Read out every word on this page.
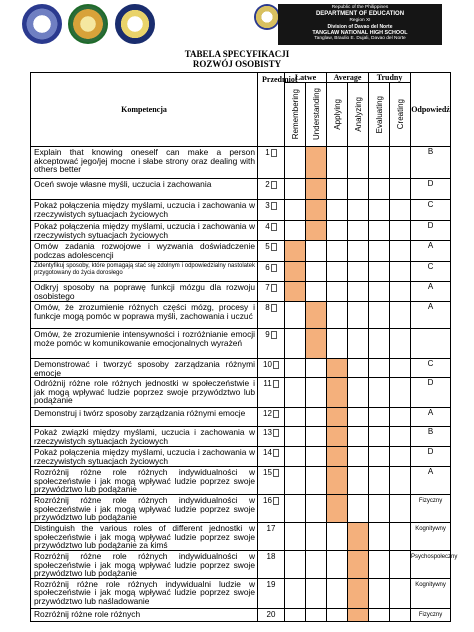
Republic of the Philippines
DEPARTMENT OF EDUCATION
Region XI
Division of Davao del Norte
TANGLAW NATIONAL HIGH SCHOOL
Tanglaw, Braulio E. Dujali, Davao del Norte
TABELA SPECYFIKACJI
ROZWÓJ OSOBISTY
Kompetencja	Przedmiot	Łatwe		Average		Trudny		Odpowiedź

		Remembering	Understanding	Applying	Analyzing	Evaluating	Creating	

Explain that knowing oneself can make a person akceptować jego/jej mocne i słabe strony oraz dealing with others better	1							B
Oceń swoje własne myśli, uczucia i zachowania	2							D
Pokaż połączenia między myślami, uczucia i zachowania w rzeczywistych sytuacjach życiowych	3							C
Pokaż połączenia między myślami, uczucia i zachowania w rzeczywistych sytuacjach życiowych	4							D
Omów zadania rozwojowe i wyzwania doświadczenie podczas adolescencji	5							A
Zidentyfikuj sposoby, które pomagają stać się zdolnym i odpowiedzialny nastolatek przygotowany do życia dorosłego	6							C
Odkryj sposoby na poprawę funkcji mózgu dla rozwoju osobistego	7							A
Omów, że zrozumienie różnych części mózg, procesy i funkcje mogą pomóc w poprawa myśli, zachowania i uczuć	8							A
Omów, że zrozumienie intensywności i rozróżnianie emocji może pomóc w komunikowanie emocjonalnych wyrażeń	9							
Demonstrować i tworzyć sposoby zarządzania różnymi emocje	10							C
Odróżnij różne role różnych jednostki w społeczeństwie i jak mogą wpływać ludzie poprzez swoje przywództwo lub podążanie	11							D
Demonstruj i twórz sposoby zarządzania różnymi emocje	12							A
Pokaż związki między myślami, uczucia i zachowania w rzeczywistych sytuacjach życiowych	13							B
Pokaż połączenia między myślami, uczucia i zachowania w rzeczywistych sytuacjach życiowych	14							D
Rozróżnij różne role różnych indywidualności w społeczeństwie i jak mogą wpływać ludzie poprzez swoje przywództwo lub podążanie	15							A
Rozróżnij różne role różnych indywidualności w społeczeństwie i jak mogą wpływać ludzie poprzez swoje przywództwo lub podążanie	16							Fizyczny
Distinguish the various roles of different jednostki w społeczeństwie i jak mogą wpływać ludzie poprzez swoje przywództwo lub podążanie za kimś	17							Kognitywny
Rozróżnij różne role różnych indywidualności w społeczeństwie i jak mogą wpływać ludzie poprzez swoje przywództwo lub podążanie	18							Psychospołeczny
Rozróżnij różne role różnych indywidualni ludzie w społeczeństwie i jak mogą wpływać ludzie poprzez swoje przywództwo lub naśladowanie	19							Kognitywny
Rozróżnij różne role różnych	20							Fizyczny
